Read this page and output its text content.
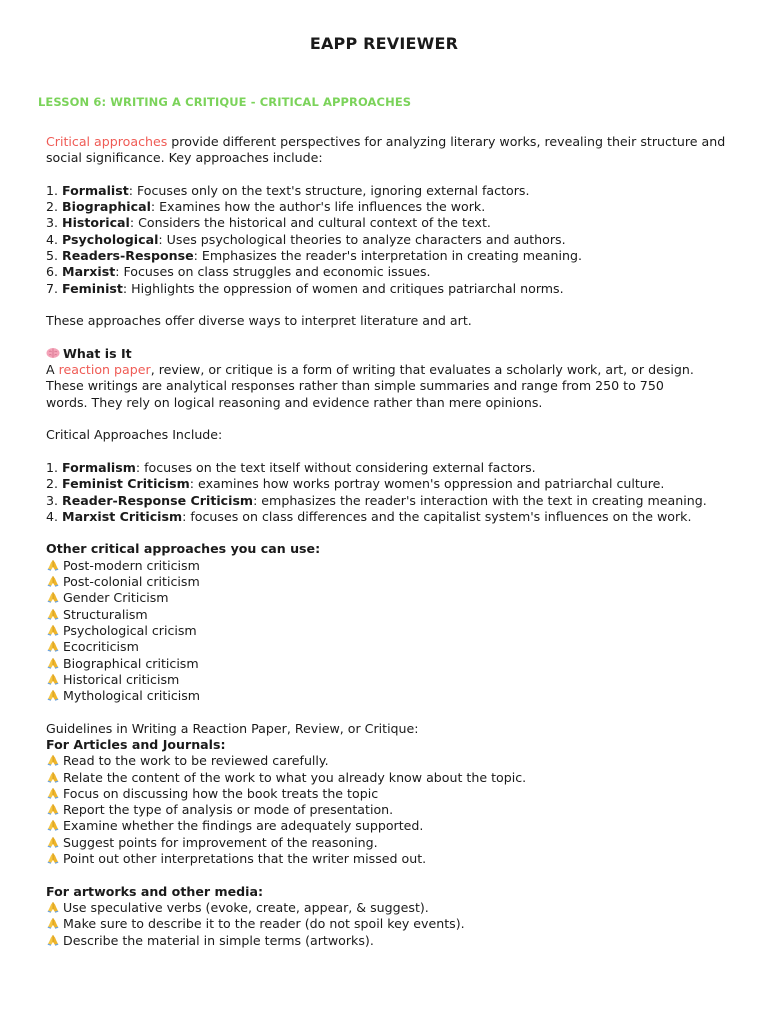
EAPP REVIEWER
LESSON 6: WRITING A CRITIQUE - CRITICAL APPROACHES
Critical approaches provide different perspectives for analyzing literary works, revealing their structure and social significance. Key approaches include:
1. Formalist: Focuses only on the text's structure, ignoring external factors.
2. Biographical: Examines how the author's life influences the work.
3. Historical: Considers the historical and cultural context of the text.
4. Psychological: Uses psychological theories to analyze characters and authors.
5. Readers-Response: Emphasizes the reader's interpretation in creating meaning.
6. Marxist: Focuses on class struggles and economic issues.
7. Feminist: Highlights the oppression of women and critiques patriarchal norms.
These approaches offer diverse ways to interpret literature and art.
What is It
A reaction paper, review, or critique is a form of writing that evaluates a scholarly work, art, or design.
These writings are analytical responses rather than simple summaries and range from 250 to 750
words. They rely on logical reasoning and evidence rather than mere opinions.
Critical Approaches Include:
1. Formalism: focuses on the text itself without considering external factors.
2. Feminist Criticism: examines how works portray women's oppression and patriarchal culture.
3. Reader-Response Criticism: emphasizes the reader's interaction with the text in creating meaning.
4. Marxist Criticism: focuses on class differences and the capitalist system's influences on the work.
Other critical approaches you can use:
Post-modern criticism
Post-colonial criticism
Gender Criticism
Structuralism
Psychological cricism
Ecocriticism
Biographical criticism
Historical criticism
Mythological criticism
Guidelines in Writing a Reaction Paper, Review, or Critique:
For Articles and Journals:
Read to the work to be reviewed carefully.
Relate the content of the work to what you already know about the topic.
Focus on discussing how the book treats the topic
Report the type of analysis or mode of presentation.
Examine whether the findings are adequately supported.
Suggest points for improvement of the reasoning.
Point out other interpretations that the writer missed out.
For artworks and other media:
Use speculative verbs (evoke, create, appear, & suggest).
Make sure to describe it to the reader (do not spoil key events).
Describe the material in simple terms (artworks).
